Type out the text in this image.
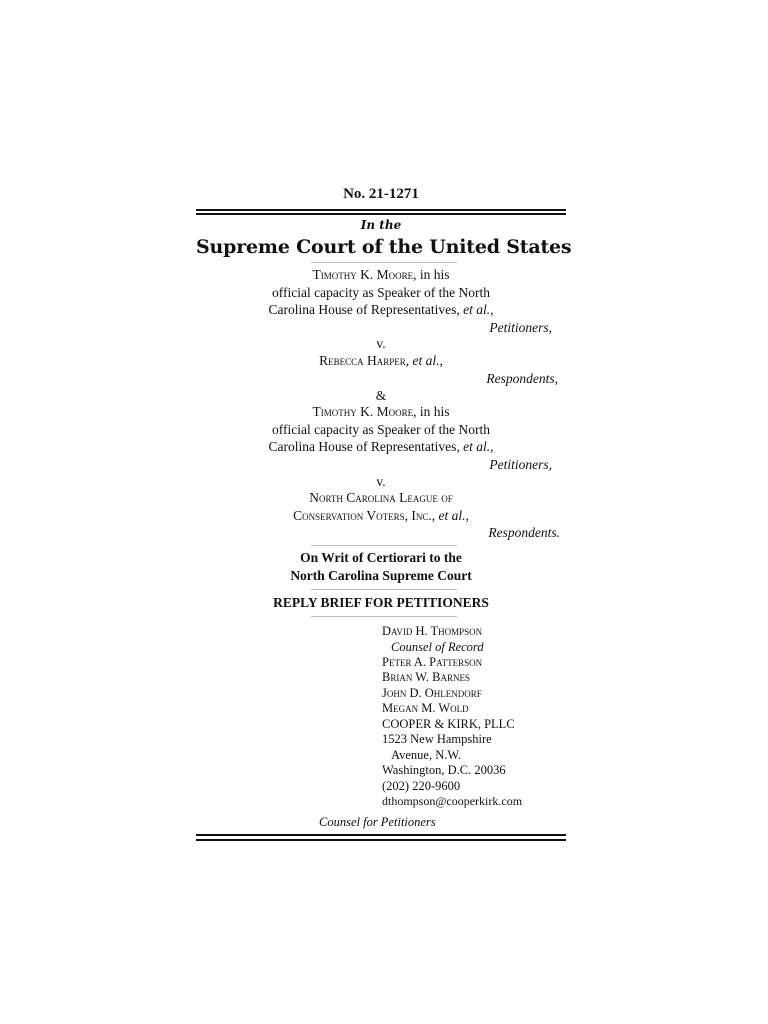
No. 21-1271
In the
Supreme Court of the United States
Timothy K. Moore, in his
official capacity as Speaker of the North
Carolina House of Representatives, et al.,
Petitioners,
v.
Rebecca Harper, et al.,
Respondents,
&
Timothy K. Moore, in his
official capacity as Speaker of the North
Carolina House of Representatives, et al.,
Petitioners,
v.
North Carolina League of
Conservation Voters, Inc., et al.,
Respondents.
On Writ of Certiorari to the
North Carolina Supreme Court
REPLY BRIEF FOR PETITIONERS
David H. Thompson
Counsel of Record
Peter A. Patterson
Brian W. Barnes
John D. Ohlendorf
Megan M. Wold
COOPER & KIRK, PLLC
1523 New Hampshire
Avenue, N.W.
Washington, D.C. 20036
(202) 220-9600
dthompson@cooperkirk.com
Counsel for Petitioners
